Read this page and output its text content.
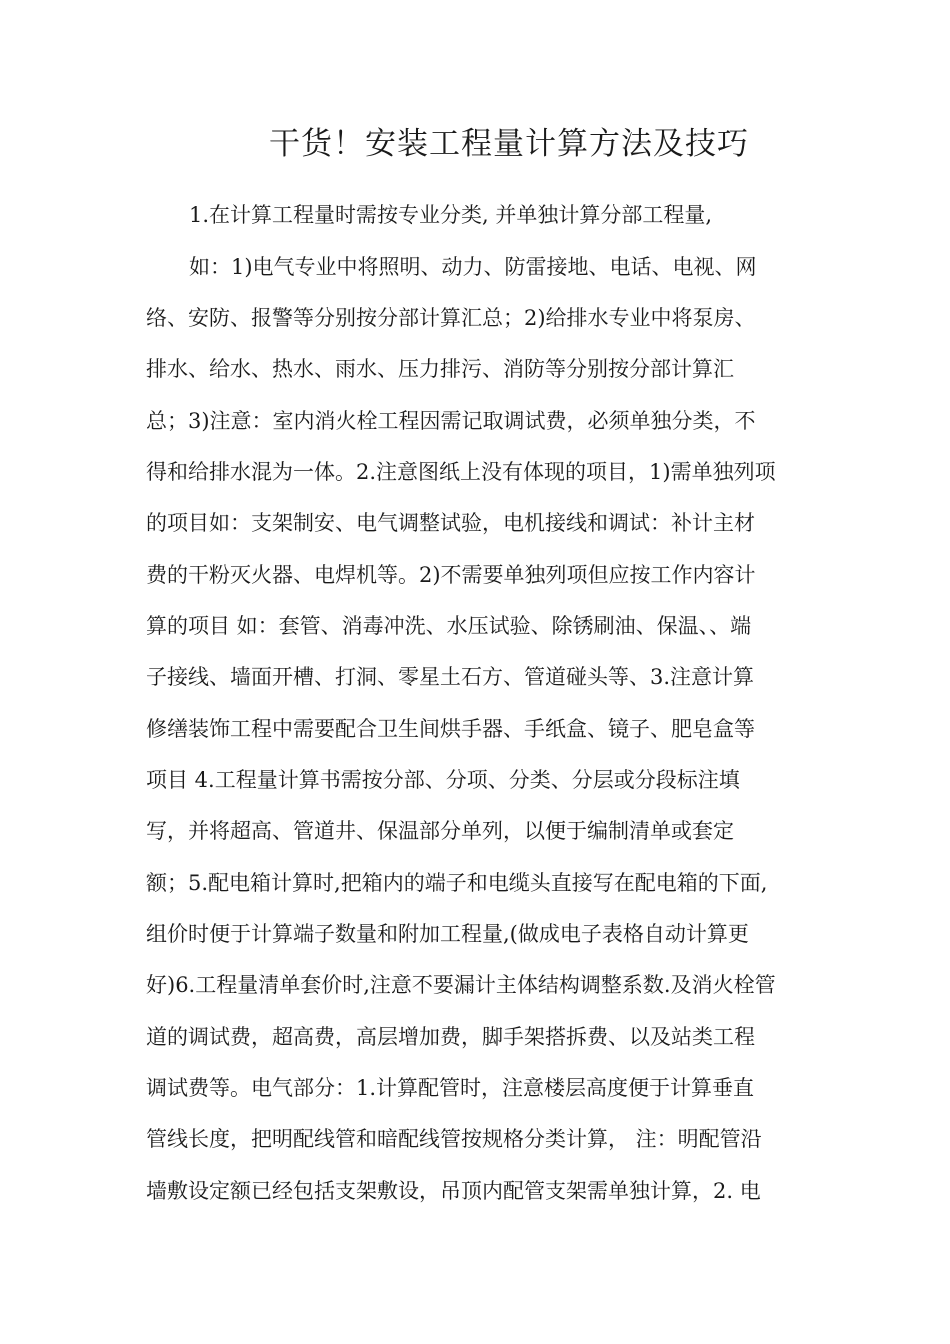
干货！安装工程量计算方法及技巧
1.在计算工程量时需按专业分类, 并单独计算分部工程量,
如：1)电气专业中将照明、动力、防雷接地、电话、电视、网
络、安防、报警等分别按分部计算汇总；2)给排水专业中将泵房、
排水、给水、热水、雨水、压力排污、消防等分别按分部计算汇
总；3)注意：室内消火栓工程因需记取调试费，必须单独分类，不
得和给排水混为一体。2.注意图纸上没有体现的项目，1)需单独列项
的项目如：支架制安、电气调整试验，电机接线和调试：补计主材
费的干粉灭火器、电焊机等。2)不需要单独列项但应按工作内容计
算的项目 如：套管、消毒冲洗、水压试验、除锈刷油、保温、、端
子接线、墙面开槽、打洞、零星土石方、管道碰头等、3.注意计算
修缮装饰工程中需要配合卫生间烘手器、手纸盒、镜子、肥皂盒等
项目 4.工程量计算书需按分部、分项、分类、分层或分段标注填
写，并将超高、管道井、保温部分单列，以便于编制清单或套定
额；5.配电箱计算时,把箱内的端子和电缆头直接写在配电箱的下面,
组价时便于计算端子数量和附加工程量,(做成电子表格自动计算更
好)6.工程量清单套价时,注意不要漏计主体结构调整系数.及消火栓管
道的调试费，超高费，高层增加费，脚手架搭拆费、以及站类工程
调试费等。电气部分：1.计算配管时，注意楼层高度便于计算垂直
管线长度，把明配线管和暗配线管按规格分类计算， 注：明配管沿
墙敷设定额已经包括支架敷设，吊顶内配管支架需单独计算，2. 电
